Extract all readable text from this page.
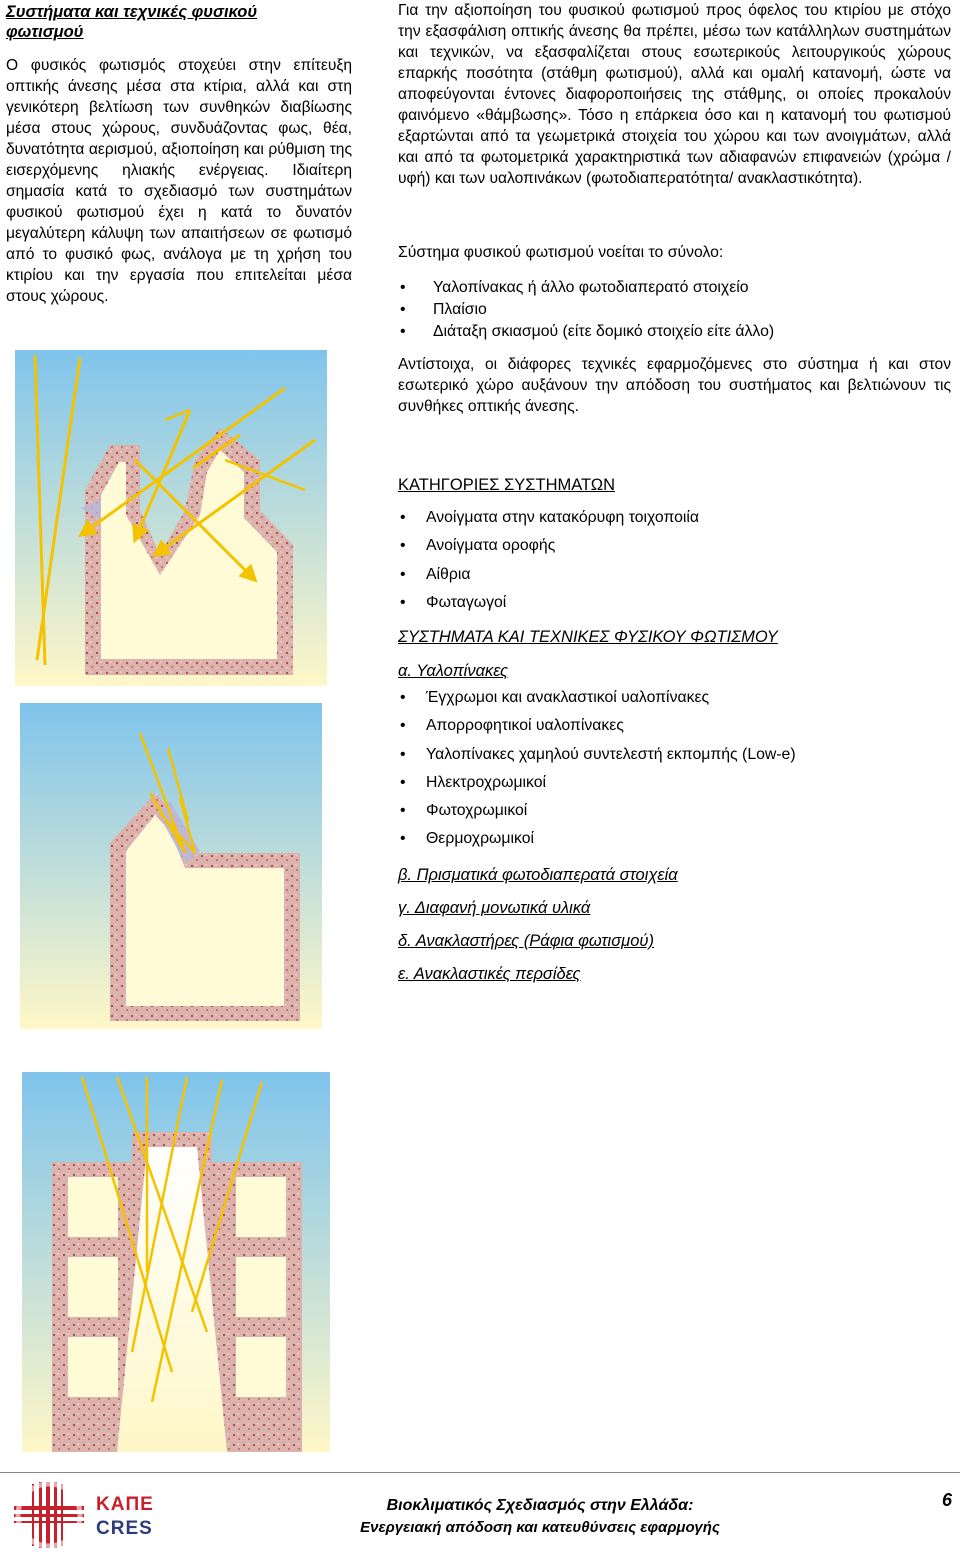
Συστήματα και τεχνικές φυσικού φωτισμού
Ο φυσικός φωτισμός στοχεύει στην επίτευξη οπτικής άνεσης μέσα στα κτίρια, αλλά και στη γενικότερη βελτίωση των συνθηκών διαβίωσης μέσα στους χώρους, συνδυάζοντας φως, θέα, δυνατότητα αερισμού, αξιοποίηση και ρύθμιση της εισερχόμενης ηλιακής ενέργειας. Ιδιαίτερη σημασία κατά το σχεδιασμό των συστημάτων φυσικού φωτισμού έχει η κατά το δυνατόν μεγαλύτερη κάλυψη των απαιτήσεων σε φωτισμό από το φυσικό φως, ανάλογα με τη χρήση του κτιρίου και την εργασία που επιτελείται μέσα στους χώρους.
Για την αξιοποίηση του φυσικού φωτισμού προς όφελος του κτιρίου με στόχο την εξασφάλιση οπτικής άνεσης θα πρέπει, μέσω των κατάλληλων συστημάτων και τεχνικών, να εξασφαλίζεται στους εσωτερικούς λειτουργικούς χώρους επαρκής ποσότητα (στάθμη φωτισμού), αλλά και ομαλή κατανομή, ώστε να αποφεύγονται έντονες διαφοροποιήσεις της στάθμης, οι οποίες προκαλούν φαινόμενο «θάμβωσης». Τόσο η επάρκεια όσο και η κατανομή του φωτισμού εξαρτώνται από τα γεωμετρικά στοιχεία του χώρου και των ανοιγμάτων, αλλά και από τα φωτομετρικά χαρακτηριστικά των αδιαφανών επιφανειών (χρώμα / υφή) και των υαλοπινάκων (φωτοδιαπερατότητα/ ανακλαστικότητα).
Σύστημα φυσικού φωτισμού νοείται το σύνολο:
• Υαλοπίνακας ή άλλο φωτοδιαπερατό στοιχείο
• Πλαίσιο
• Διάταξη σκιασμού (είτε δομικό στοιχείο είτε άλλο)
Αντίστοιχα, οι διάφορες τεχνικές εφαρμοζόμενες στο σύστημα ή και στον εσωτερικό χώρο αυξάνουν την απόδοση του συστήματος και βελτιώνουν τις συνθήκες οπτικής άνεσης.
ΚΑΤΗΓΟΡΙΕΣ ΣΥΣΤΗΜΑΤΩΝ
• Ανοίγματα στην κατακόρυφη τοιχοποιία
• Ανοίγματα οροφής
• Αίθρια
• Φωταγωγοί
ΣΥΣΤΗΜΑΤΑ ΚΑΙ ΤΕΧΝΙΚΕΣ ΦΥΣΙΚΟΥ ΦΩΤΙΣΜΟΥ
α. Υαλοπίνακες
• Έγχρωμοι και ανακλαστικοί υαλοπίνακες
• Απορροφητικοί υαλοπίνακες
• Υαλοπίνακες χαμηλού συντελεστή εκπομπής (Low-e)
• Ηλεκτροχρωμικοί
• Φωτοχρωμικοί
• Θερμοχρωμικοί
β. Πρισματικά φωτοδιαπερατά στοιχεία
γ. Διαφανή μονωτικά υλικά
δ. Ανακλαστήρες (Ράφια φωτισμού)
ε. Ανακλαστικές περσίδες
ΚΑΠΕ
CRES
Βιοκλιματικός Σχεδιασμός στην Ελλάδα:
Ενεργειακή απόδοση και κατευθύνσεις εφαρμογής
6
